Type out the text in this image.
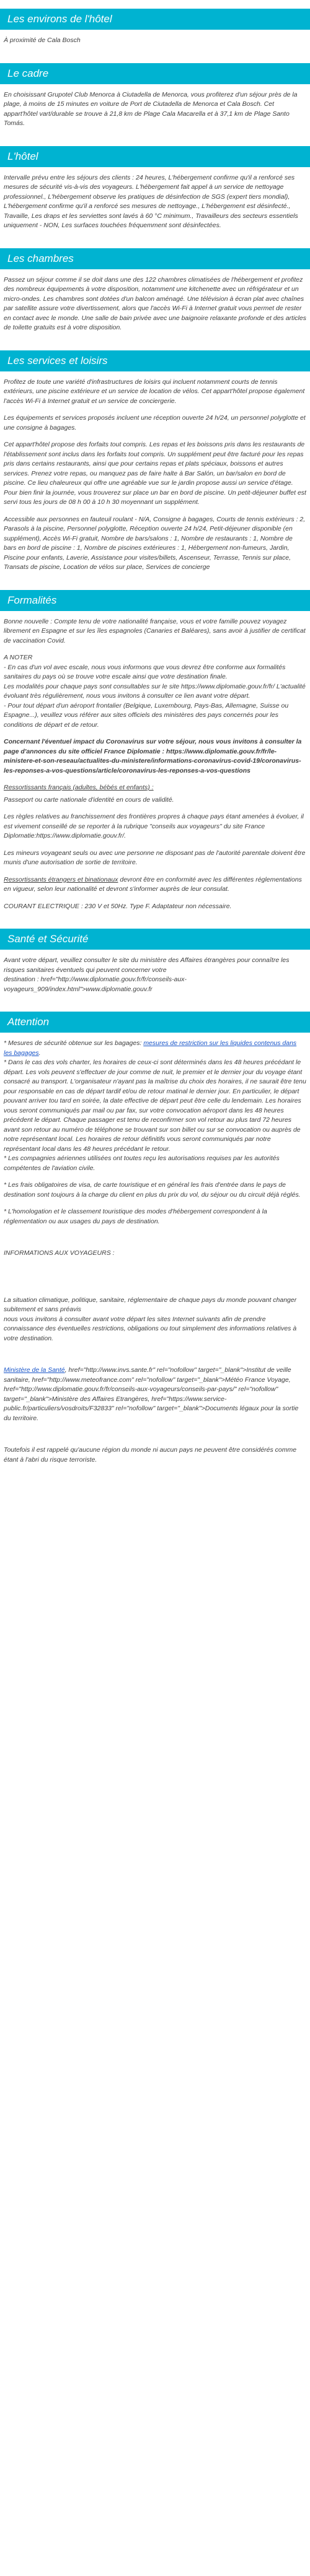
Les environs de l'hôtel
À proximité de Cala Bosch
Le cadre
En choisissant Grupotel Club Menorca à Ciutadella de Menorca, vous profiterez d'un séjour près de la plage, à moins de 15 minutes en voiture de Port de Ciutadella de Menorca et Cala Bosch. Cet appart'hôtel vart/durable se trouve à 21,8 km de Plage Cala Macarella et à 37,1 km de Plage Santo Tomás.
L'hôtel
Intervalle prévu entre les séjours des clients : 24 heures, L'hébergement confirme qu'il a renforcé ses mesures de sécurité vis-à-vis des voyageurs. L'hébergement fait appel à un service de nettoyage professionnel., L'hébergement observe les pratiques de désinfection de SGS (expert tiers mondial), L'hébergement confirme qu'il a renforcé ses mesures de nettoyage., L'hébergement est désinfecté., Travaille, Les draps et les serviettes sont lavés à 60 °C minimum., Travailleurs des secteurs essentiels uniquement - NON, Les surfaces touchées fréquemment sont désinfectées.
Les chambres
Passez un séjour comme il se doit dans une des 122 chambres climatisées de l'hébergement et profitez des nombreux équipements à votre disposition, notamment une kitchenette avec un réfrigérateur et un micro-ondes. Les chambres sont dotées d'un balcon aménagé. Une télévision à écran plat avec chaînes par satellite assure votre divertissement, alors que l'accès Wi-Fi à Internet gratuit vous permet de rester en contact avec le monde. Une salle de bain privée avec une baignoire relaxante profonde et des articles de toilette gratuits est à votre disposition.
Les services et loisirs
Profitez de toute une variété d'infrastructures de loisirs qui incluent notamment courts de tennis extérieurs, une piscine extérieure et un service de location de vélos. Cet appart'hôtel propose également l'accès Wi-Fi à Internet gratuit et un service de conciergerie.
Les équipements et services proposés incluent une réception ouverte 24 h/24, un personnel polyglotte et une consigne à bagages.
Cet appart'hôtel propose des forfaits tout compris. Les repas et les boissons pris dans les restaurants de l'établissement sont inclus dans les forfaits tout compris. Un supplément peut être facturé pour les repas pris dans certains restaurants, ainsi que pour certains repas et plats spéciaux, boissons et autres services. Prenez votre repas, ou manquez pas de faire halte à Bar Salón, un bar/salon en bord de piscine. Ce lieu chaleureux qui offre une agréable vue sur le jardin propose aussi un service d'étage. Pour bien finir la journée, vous trouverez sur place un bar en bord de piscine. Un petit-déjeuner buffet est servi tous les jours de 08 h 00 à 10 h 30 moyennant un supplément.
Accessible aux personnes en fauteuil roulant - N/A, Consigne à bagages, Courts de tennis extérieurs : 2, Parasols à la piscine, Personnel polyglotte, Réception ouverte 24 h/24, Petit-déjeuner disponible (en supplément), Accès Wi-Fi gratuit, Nombre de bars/salons : 1, Nombre de restaurants : 1, Nombre de bars en bord de piscine : 1, Nombre de piscines extérieures : 1, Hébergement non-fumeurs, Jardin, Piscine pour enfants, Laverie, Assistance pour visites/billets, Ascenseur, Terrasse, Tennis sur place, Transats de piscine, Location de vélos sur place, Services de concierge
Formalités
Bonne nouvelle : Compte tenu de votre nationalité française, vous et votre famille pouvez voyagez librement en Espagne et sur les îles espagnoles (Canaries et Baléares), sans avoir à justifier de certificat de vaccination Covid.
A NOTER
- En cas d'un vol avec escale, nous vous informons que vous devrez être conforme aux formalités sanitaires du pays où se trouve votre escale ainsi que votre destination finale.
Les modalités pour chaque pays sont consultables sur le site https://www.diplomatie.gouv.fr/fr/ L'actualité évoluant très régulièrement, nous vous invitons à consulter ce lien avant votre départ.
- Pour tout départ d'un aéroport frontalier (Belgique, Luxembourg, Pays-Bas, Allemagne, Suisse ou Espagne...), veuillez vous référer aux sites officiels des ministères des pays concernés pour les conditions de départ et de retour.
Concernant l'éventuel impact du Coronavirus sur votre séjour, nous vous invitons à consulter la page d'annonces du site officiel France Diplomatie : https://www.diplomatie.gouv.fr/fr/le-ministere-et-son-reseau/actualites-du-ministere/informations-coronavirus-covid-19/coronavirus-les-reponses-a-vos-questions/article/coronavirus-les-reponses-a-vos-questions
Ressortissants français (adultes, bébés et enfants) :
Passeport ou carte nationale d'identité en cours de validité.
Les règles relatives au franchissement des frontières propres à chaque pays étant amenées à évoluer, il est vivement conseillé de se reporter à la rubrique "conseils aux voyageurs" du site France Diplomatie:https://www.diplomatie.gouv.fr/.
Les mineurs voyageant seuls ou avec une personne ne disposant pas de l'autorité parentale doivent être munis d'une autorisation de sortie de territoire.
Ressortissants étrangers et binationaux devront être en conformité avec les différentes réglementations en vigueur, selon leur nationalité et devront s'informer auprès de leur consulat.
COURANT ELECTRIQUE : 230 V et 50Hz. Type F. Adaptateur non nécessaire.
Santé et Sécurité
Avant votre départ, veuillez consulter le site du ministère des Affaires étrangères pour connaître les risques sanitaires éventuels qui peuvent concerner votre
destination : href="http://www.diplomatie.gouv.fr/fr/conseils-aux-voyageurs_909/index.html">www.diplomatie.gouv.fr
Attention
* Mesures de sécurité obtenue sur les bagages: mesures de restriction sur les liquides contenus dans les bagages.
* Dans le cas des vols charter, les horaires de ceux-ci sont déterminés dans les 48 heures précédant le départ. Les vols peuvent s'effectuer de jour comme de nuit, le premier et le dernier jour du voyage étant consacré au transport. L'organisateur n'ayant pas la maîtrise du choix des horaires, il ne saurait être tenu pour responsable en cas de départ tardif et/ou de retour matinal le dernier jour. En particulier, le départ pouvant arriver tou tard en soirée, la date effective de départ peut être celle du lendemain. Les horaires vous seront communiqués par mail ou par fax, sur votre convocation aéroport dans les 48 heures précédent le départ. Chaque passager est tenu de reconfirmer son vol retour au plus tard 72 heures avant son retour au numéro de téléphone se trouvant sur son billet ou sur se convocation ou auprès de notre représentant local. Les horaires de retour définitifs vous seront communiqués par notre représentant local dans les 48 heures précédant le retour.
* Les compagnies aériennes utilisées ont toutes reçu les autorisations requises par les autorités compétentes de l'aviation civile.
* Les frais obligatoires de visa, de carte touristique et en général les frais d'entrée dans le pays de destination sont toujours à la charge du client en plus du prix du vol, du séjour ou du circuit déjà réglés.
* L'homologation et le classement touristique des modes d'hébergement correspondent à la réglementation ou aux usages du pays de destination.
INFORMATIONS AUX VOYAGEURS :
La situation climatique, politique, sanitaire, réglementaire de chaque pays du monde pouvant changer subitement et sans préavis
nous vous invitons à consulter avant votre départ les sites Internet suivants afin de prendre connaissance des éventuelles restrictions, obligations ou tout simplement des informations relatives à votre destination.
Ministère de la Santé, href="http://www.invs.sante.fr" rel="nofollow" target="_blank">Institut de veille sanitaire, href="http://www.meteofrance.com" rel="nofollow" target="_blank">Météo France Voyage, href="http://www.diplomatie.gouv.fr/fr/conseils-aux-voyageurs/conseils-par-pays/" rel="nofollow" target="_blank">Ministère des Affaires Etrangères, href="https://www.service-public.fr/particuliers/vosdroits/F32833" rel="nofollow" target="_blank">Documents légaux pour la sortie du territoire.
Toutefois il est rappelé qu'aucune région du monde ni aucun pays ne peuvent être considérés comme étant à l'abri du risque terroriste.
